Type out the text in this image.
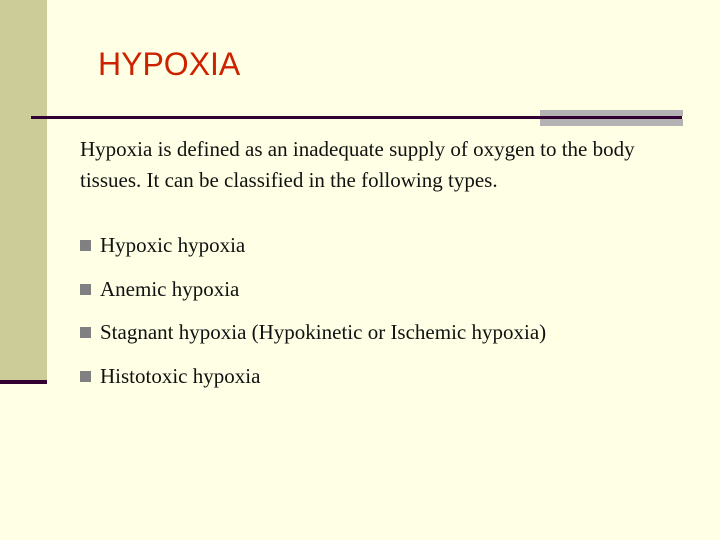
HYPOXIA
Hypoxia is defined as an inadequate supply of oxygen to the body tissues. It can be classified in the following types.
Hypoxic hypoxia
Anemic hypoxia
Stagnant hypoxia (Hypokinetic or Ischemic hypoxia)
Histotoxic hypoxia
